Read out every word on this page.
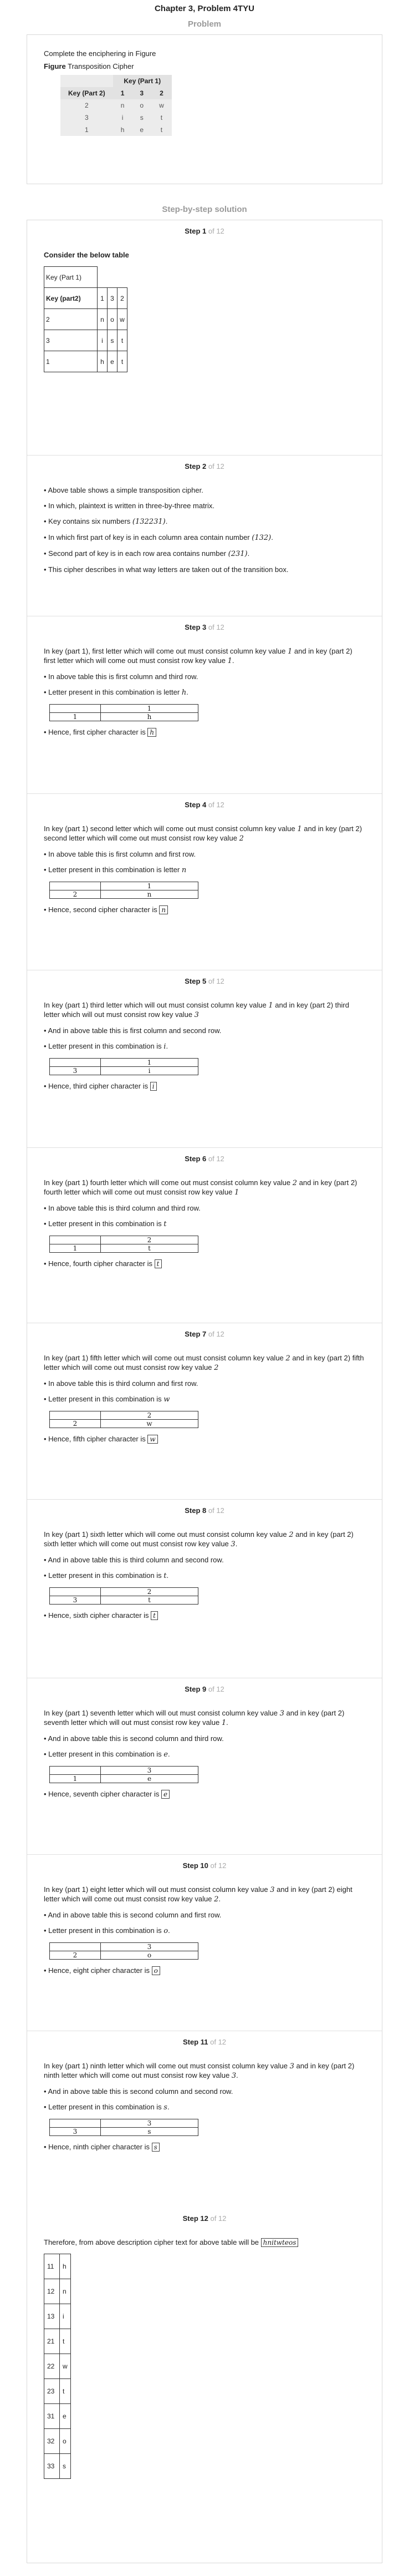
Chapter 3, Problem 4TYU
Problem

Complete the enciphering in Figure

Figure Transposition Cipher

	Key (Part 1)		
Key (Part 2)	1	3	2
2	n	o	w
3	i	s	t
1	h	e	t
Step-by-step solution
Step 1 of 12

Consider the below table

Key (Part 1)			
Key (part2)	1	3	2
2	n	o	w
3	i	s	t
1	h	e	t
Step 2 of 12

• Above table shows a simple transposition cipher.

• In which, plaintext is written in three-by-three matrix.

• Key contains six numbers (132231).

• In which first part of key is in each column area contain number (132).

• Second part of key is in each row area contains number (231).

• This cipher describes in what way letters are taken out of the transition box.

Step 3 of 12

In key (part 1), first letter which will come out must consist column key value 1 and in key (part 2) first letter which will come out must consist row key value 1.

• In above table this is first column and third row.

• Letter present in this combination is letter h.

	1
1	h

• Hence, first cipher character is h

Step 4 of 12

In key (part 1) second letter which will come out must consist column key value 1 and in key (part 2) second letter which will come out must consist row key value 2

• In above table this is first column and first row.

• Letter present in this combination is letter n

	1
2	n

• Hence, second cipher character is n

Step 5 of 12

In key (part 1) third letter which will out must consist column key value 1 and in key (part 2) third letter which will out must consist row key value 3

• And in above table this is first column and second row.

• Letter present in this combination is i.

	1
3	i

• Hence, third cipher character is i

Step 6 of 12

In key (part 1) fourth letter which will come out must consist column key value 2 and in key (part 2) fourth letter which will come out must consist row key value 1

• In above table this is third column and third row.

• Letter present in this combination is t

	2
1	t

• Hence, fourth cipher character is t

Step 7 of 12

In key (part 1) fifth letter which will come out must consist column key value 2 and in key (part 2) fifth letter which will come out must consist row key value 2

• In above table this is third column and first row.

• Letter present in this combination is w

	2
2	w

• Hence, fifth cipher character is w

Step 8 of 12

In key (part 1) sixth letter which will come out must consist column key value 2 and in key (part 2) sixth letter which will come out must consist row key value 3.

• And in above table this is third column and second row.

• Letter present in this combination is t.

	2
3	t

• Hence, sixth cipher character is t

Step 9 of 12

In key (part 1) seventh letter which will out must consist column key value 3 and in key (part 2) seventh letter which will out must consist row key value 1.

• And in above table this is second column and third row.

• Letter present in this combination is e.

	3
1	e

• Hence, seventh cipher character is e

Step 10 of 12

In key (part 1) eight letter which will out must consist column key value 3 and in key (part 2) eight letter which will come out must consist row key value 2.

• And in above table this is second column and first row.

• Letter present in this combination is o.

	3
2	o

• Hence, eight cipher character is o

Step 11 of 12

In key (part 1) ninth letter which will come out must consist column key value 3 and in key (part 2) ninth letter which will come out must consist row key value 3.

• And in above table this is second column and second row.

• Letter present in this combination is s.

	3
3	s

• Hence, ninth cipher character is s

Step 12 of 12

Therefore, from above description cipher text for above table will be hnitwteos

11	h
12	n
13	i
21	t
22	w
23	t
31	e
32	o
33	s
